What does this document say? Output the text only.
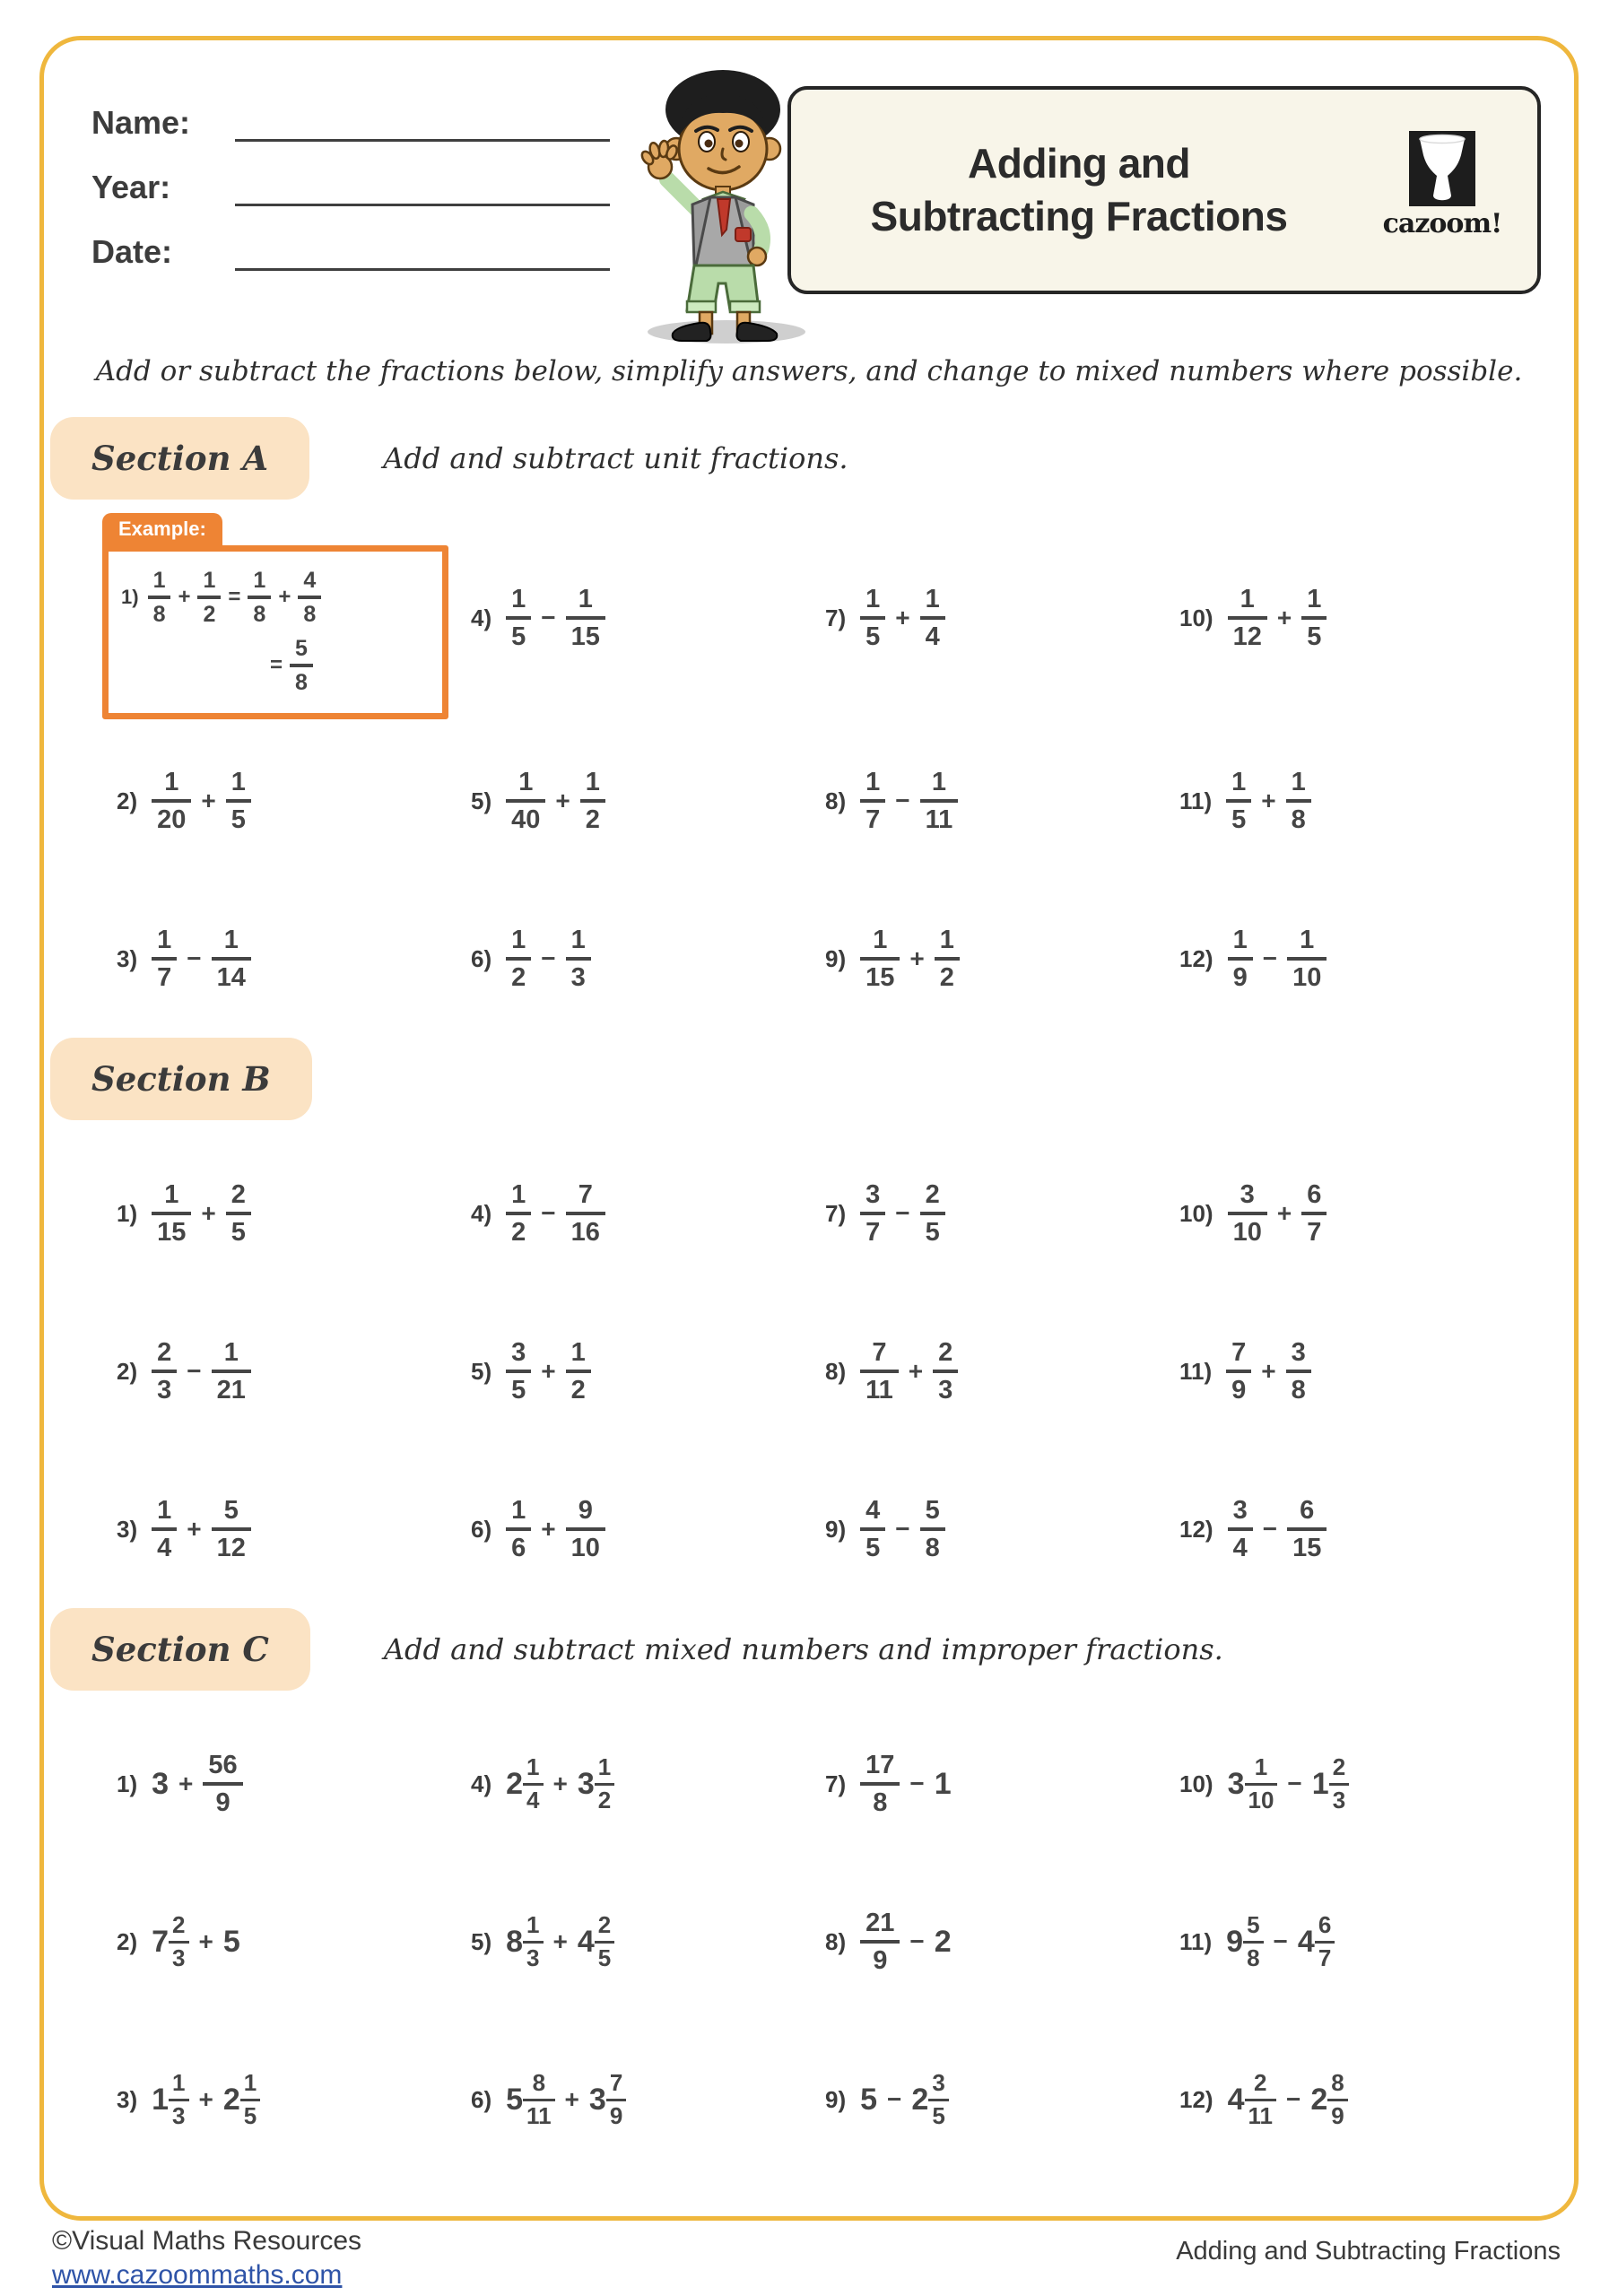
Name:
Year:
Date:
Adding and
Subtracting Fractions	cazoom!
Add or subtract the fractions below, simplify answers, and change to mixed numbers where possible.
Section A	Add and subtract unit fractions.
Example:
$1) \frac{1}{8} + \frac{1}{2} = \frac{1}{8} + \frac{4}{8}$
= $\frac{5}{8}$
$4) \frac{1}{5} - \frac{1}{15}$	$7) \frac{1}{5} + \frac{1}{4}$	$10) \frac{1}{12} + \frac{1}{5}$
$2) \frac{1}{20} + \frac{1}{5}$	$5) \frac{1}{40} + \frac{1}{2}$	$8) \frac{1}{7} - \frac{1}{11}$	$11) \frac{1}{5} + \frac{1}{8}$
$3) \frac{1}{7} - \frac{1}{14}$	$6) \frac{1}{2} - \frac{1}{3}$	$9) \frac{1}{15} + \frac{1}{2}$	$12) \frac{1}{9} - \frac{1}{10}$
Section B
$1) \frac{1}{15} + \frac{2}{5}$	$4) \frac{1}{2} - \frac{7}{16}$	$7) \frac{3}{7} - \frac{2}{5}$	$10) \frac{3}{10} + \frac{6}{7}$
$2) \frac{2}{3} - \frac{1}{21}$	$5) \frac{3}{5} + \frac{1}{2}$	$8) \frac{7}{11} + \frac{2}{3}$	$11) \frac{7}{9} + \frac{3}{8}$
$3) \frac{1}{4} + \frac{5}{12}$	$6) \frac{1}{6} + \frac{9}{10}$	$9) \frac{4}{5} - \frac{5}{8}$	$12) \frac{3}{4} - \frac{6}{15}$
Section C	Add and subtract mixed numbers and improper fractions.
1) $3 + \frac{56}{9}$	4) $2 \frac{1}{4} + 3 \frac{1}{2}$	$7) \frac{17}{8} - 1$	10) $3 \frac{1}{10} - 1 \frac{2}{3}$
2) $7 \frac{2}{3} + 5$	5) $8 \frac{1}{3} + 4 \frac{2}{5}$	$8) \frac{21}{9} - 2$	11) $9 \frac{5}{8} - 4 \frac{6}{7}$
3) $1 \frac{1}{3} + 2 \frac{1}{5}$	6) $5 \frac{8}{11} + 3 \frac{7}{9}$	9) $5 - 2 \frac{3}{5}$	12) $4 \frac{2}{11} - 2 \frac{8}{9}$
©Visual Maths Resources
www.cazoommaths.com
Adding and Subtracting Fractions
